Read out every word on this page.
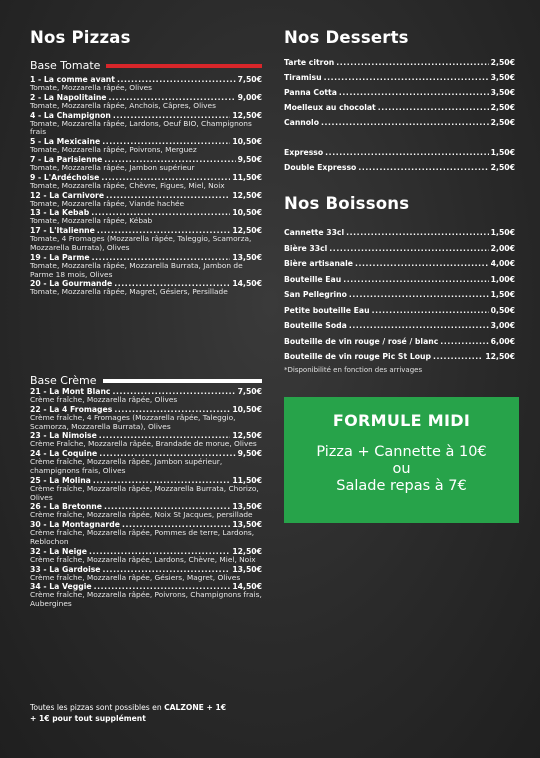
Nos Pizzas
Base Tomate
1 - La comme avant .....	7,50€
Tomate, Mozzarella râpée, Olives
2 - La Napolitaine .....	9,00€
Tomate, Mozzarella râpée, Anchois, Câpres, Olives
4 - La Champignon .....	12,50€
Tomate, Mozzarella râpée, Lardons, Oeuf BIO, Champignons frais
5 - La Mexicaine .....	10,50€
Tomate, Mozzarella râpée, Poivrons, Merguez
7 - La Parisienne .....	9,50€
Tomate, Mozzarella râpée, Jambon supérieur
9 - L'Ardéchoise .....	11,50€
Tomate, Mozzarella râpée, Chèvre, Figues, Miel, Noix
12 - La Carnivore .....	12,50€
Tomate, Mozzarella râpée, Viande hachée
13 - La Kebab .....	10,50€
Tomate, Mozzarella râpée, Kébab
17 - L'Italienne .....	12,50€
Tomate, 4 Fromages (Mozzarella râpée, Taleggio, Scamorza, Mozzarella Burrata), Olives
19 - La Parme .....	13,50€
Tomate, Mozzarella râpée, Mozzarella Burrata, Jambon de Parme 18 mois, Olives
20 - La Gourmande .....	14,50€
Tomate, Mozzarella râpée, Magret, Gésiers, Persillade
Base Crème
21 - La Mont Blanc .....	7,50€
Crème fraîche, Mozzarella râpée, Olives
22 - La 4 Fromages .....	10,50€
Crème fraîche, 4 Fromages (Mozzarella râpée, Taleggio, Scamorza, Mozzarella Burrata), Olives
23 - La Nimoise .....	12,50€
Crème Fraîche, Mozzarella râpée, Brandade de morue, Olives
24 - La Coquine .....	9,50€
Crème fraîche, Mozzarella râpée, Jambon supérieur, champignons frais, Olives
25 - La Molina .....	11,50€
Crème fraîche, Mozzarella râpée, Mozzarella Burrata, Chorizo, Olives
26 - La Bretonne .....	13,50€
Crème fraîche, Mozzarella râpée, Noix St Jacques, persillade
30 - La Montagnarde .....	13,50€
Crème fraîche, Mozzarella râpée, Pommes de terre, Lardons, Reblochon
32 - La Neige .....	12,50€
Crème fraîche, Mozzarella râpée, Lardons, Chèvre, Miel, Noix
33 - La Gardoise .....	13,50€
Crème fraîche, Mozzarella râpée, Gésiers, Magret, Olives
34 - La Veggie .....	14,50€
Crème fraîche, Mozzarella râpée, Poivrons, Champignons frais, Aubergines
Toutes les pizzas sont possibles en CALZONE + 1€
+ 1€ pour tout supplément
Nos Desserts
Tarte citron .....	2,50€
Tiramisu .....	3,50€
Panna Cotta .....	3,50€
Moelleux au chocolat .....	2,50€
Cannolo .....	2,50€
Expresso .....	1,50€
Double Expresso .....	2,50€
Nos Boissons
Cannette 33cl .....	1,50€
Bière 33cl .....	2,00€
Bière artisanale .....	4,00€
Bouteille Eau .....	1,00€
San Pellegrino .....	1,50€
Petite bouteille Eau .....	0,50€
Bouteille Soda .....	3,00€
Bouteille de vin rouge / rosé / blanc .....	6,00€
Bouteille de vin rouge Pic St Loup .....	12,50€
*Disponibilité en fonction des arrivages
FORMULE MIDI
Pizza + Cannette à 10€
ou
Salade repas à 7€
